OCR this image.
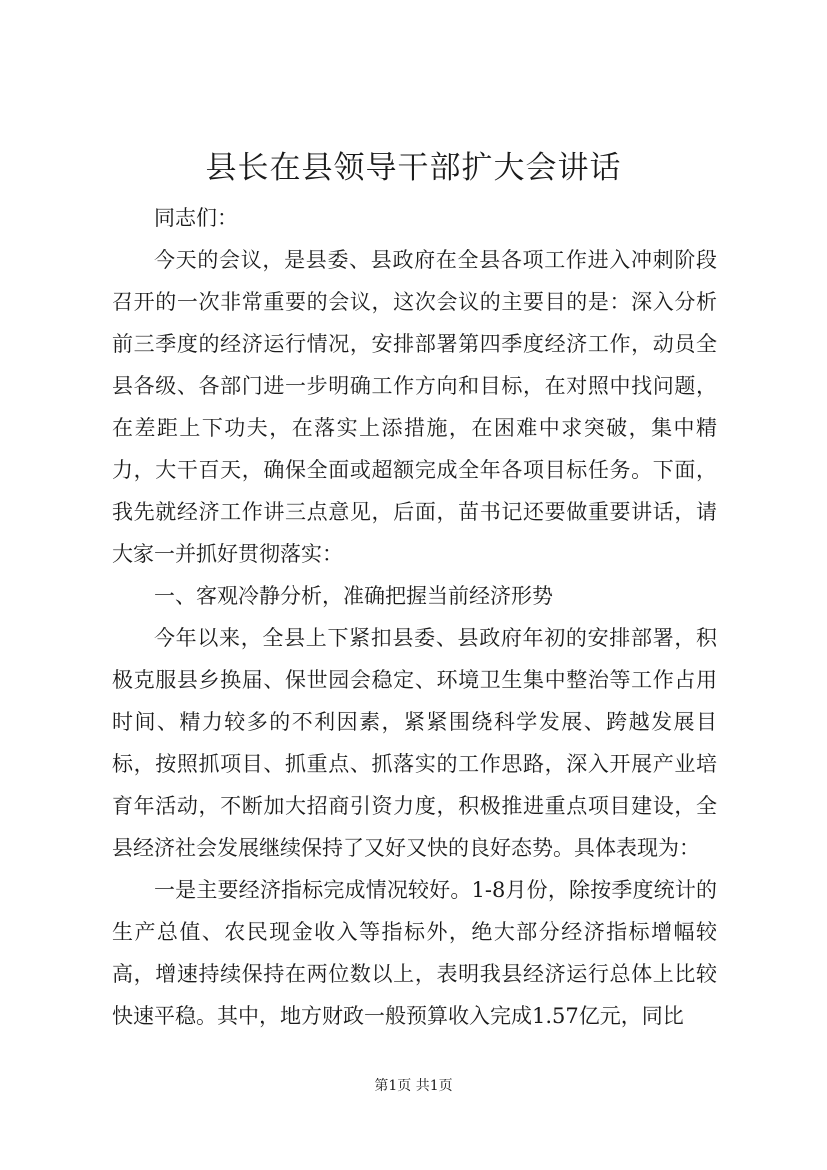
县长在县领导干部扩大会讲话

同志们：

今天的会议，是县委、县政府在全县各项工作进入冲刺阶段召开的一次非常重要的会议，这次会议的主要目的是：深入分析前三季度的经济运行情况，安排部署第四季度经济工作，动员全县各级、各部门进一步明确工作方向和目标，在对照中找问题，在差距上下功夫，在落实上添措施，在困难中求突破，集中精力，大干百天，确保全面或超额完成全年各项目标任务。下面，我先就经济工作讲三点意见，后面，苗书记还要做重要讲话，请大家一并抓好贯彻落实：

一、客观冷静分析，准确把握当前经济形势

今年以来，全县上下紧扣县委、县政府年初的安排部署，积极克服县乡换届、保世园会稳定、环境卫生集中整治等工作占用时间、精力较多的不利因素，紧紧围绕科学发展、跨越发展目标，按照抓项目、抓重点、抓落实的工作思路，深入开展产业培育年活动，不断加大招商引资力度，积极推进重点项目建设，全县经济社会发展继续保持了又好又快的良好态势。具体表现为：

一是主要经济指标完成情况较好。1-8月份，除按季度统计的生产总值、农民现金收入等指标外，绝大部分经济指标增幅较高，增速持续保持在两位数以上，表明我县经济运行总体上比较快速平稳。其中，地方财政一般预算收入完成1.57亿元，同比

第1页 共1页
